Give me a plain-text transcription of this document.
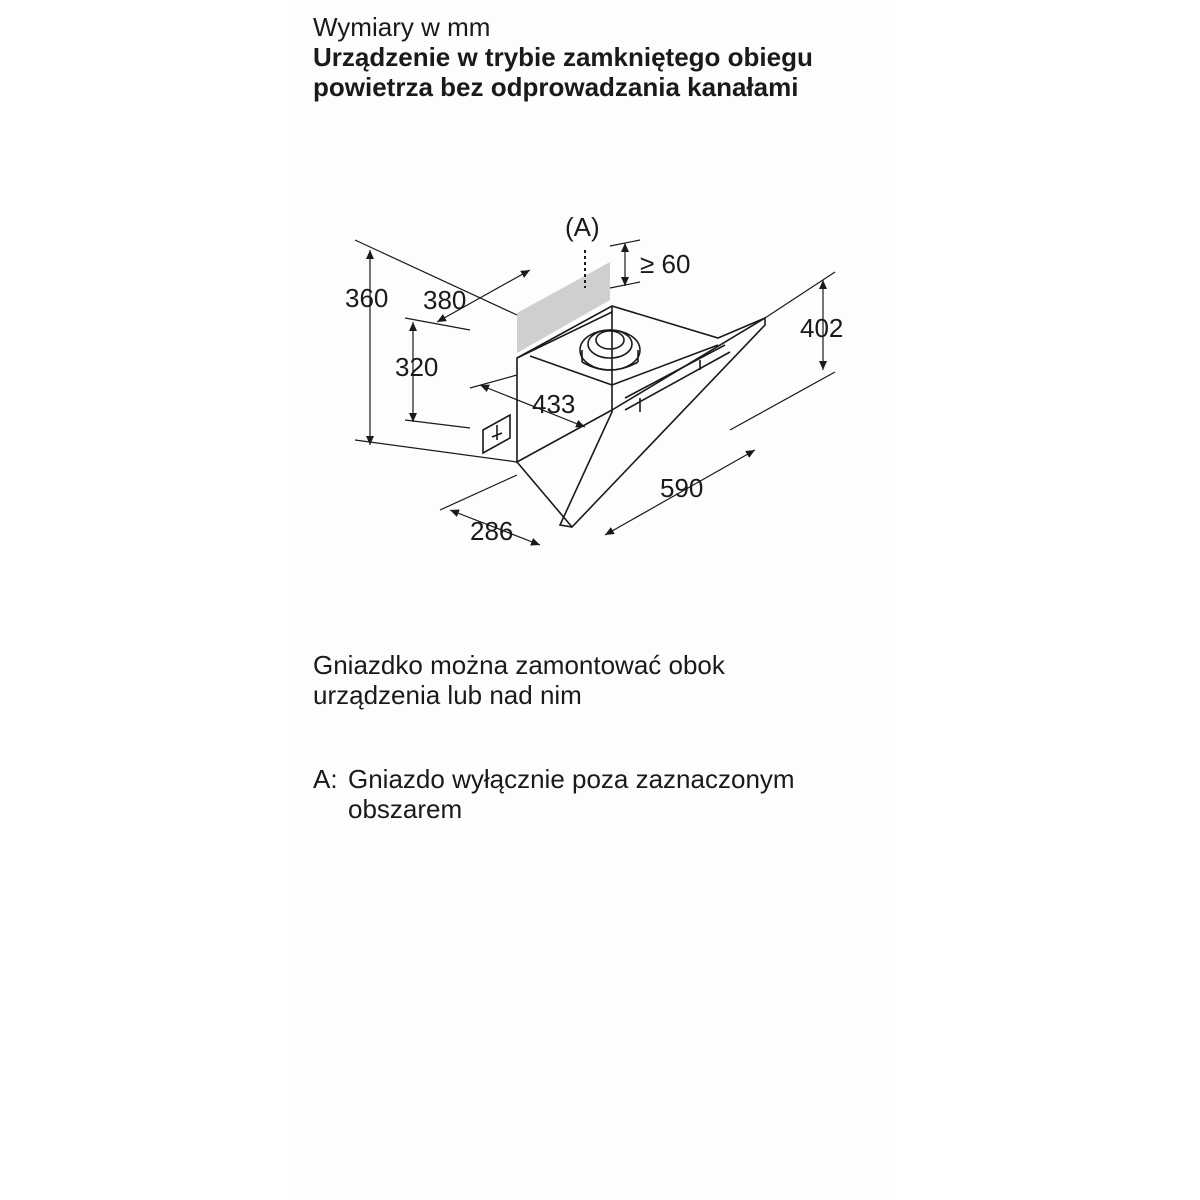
Wymiary w mm
Urządzenie w trybie zamkniętego obiegu
powietrza bez odprowadzania kanałami
(A)
≥ 60
360 380
320
433
402
590
286
Gniazdko można zamontować obok
urządzenia lub nad nim
A: Gniazdo wyłącznie poza zaznaczonym
obszarem
